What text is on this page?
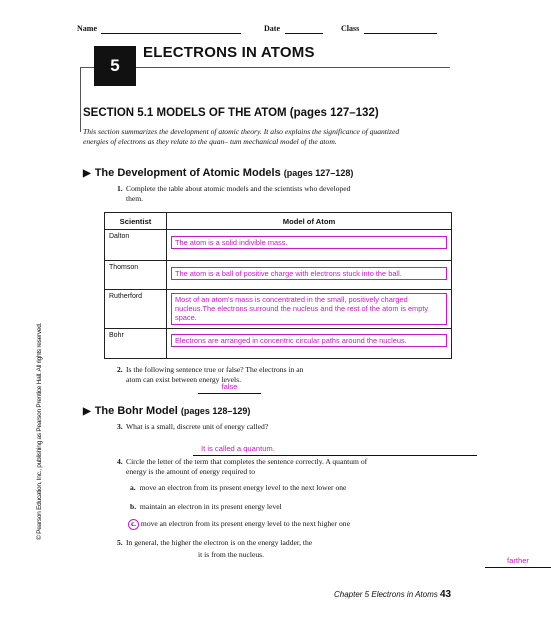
Name	Date	Class
5
ELECTRONS IN ATOMS
SECTION 5.1 MODELS OF THE ATOM (pages 127–132)
This section summarizes the development of atomic theory. It also explains the significance of quantized energies of electrons as they relate to the quan– tum mechanical model of the atom.
▶ The Development of Atomic Models (pages 127–128)
1. Complete the table about atomic models and the scientists who developed them.
Scientist	Model of Atom
Dalton	The atom is a solid indivible mass.

Thomson	The atom is a ball of positive charge with electrons stuck into the ball.

Rutherford	Most of an atom's mass is concentrated in the small, positively charged nucleus.The electrons surround the nucleus and the rest of the atom is empty space.

Bohr	Electrons are arranged in concentric circular paths around the nucleus.
2. Is the following sentence true or false? The electrons in an atom can exist between energy levels.
false

▶ The Bohr Model (pages 128–129)
3. What is a small, discrete unit of energy called?
It is called a quantum.

4. Circle the letter of the term that completes the sentence correctly. A quantum of energy is the amount of energy required to
a. move an electron from its present energy level to the next lower one
b. maintain an electron in its present energy level
c. move an electron from its present energy level to the next higher one
5. In general, the higher the electron is on the energy ladder, the
farther
it is from the nucleus.
© Pearson Education, Inc., publishing as Pearson Prentice Hall. All rights reserved.
Chapter 5 Electrons in Atoms 43
